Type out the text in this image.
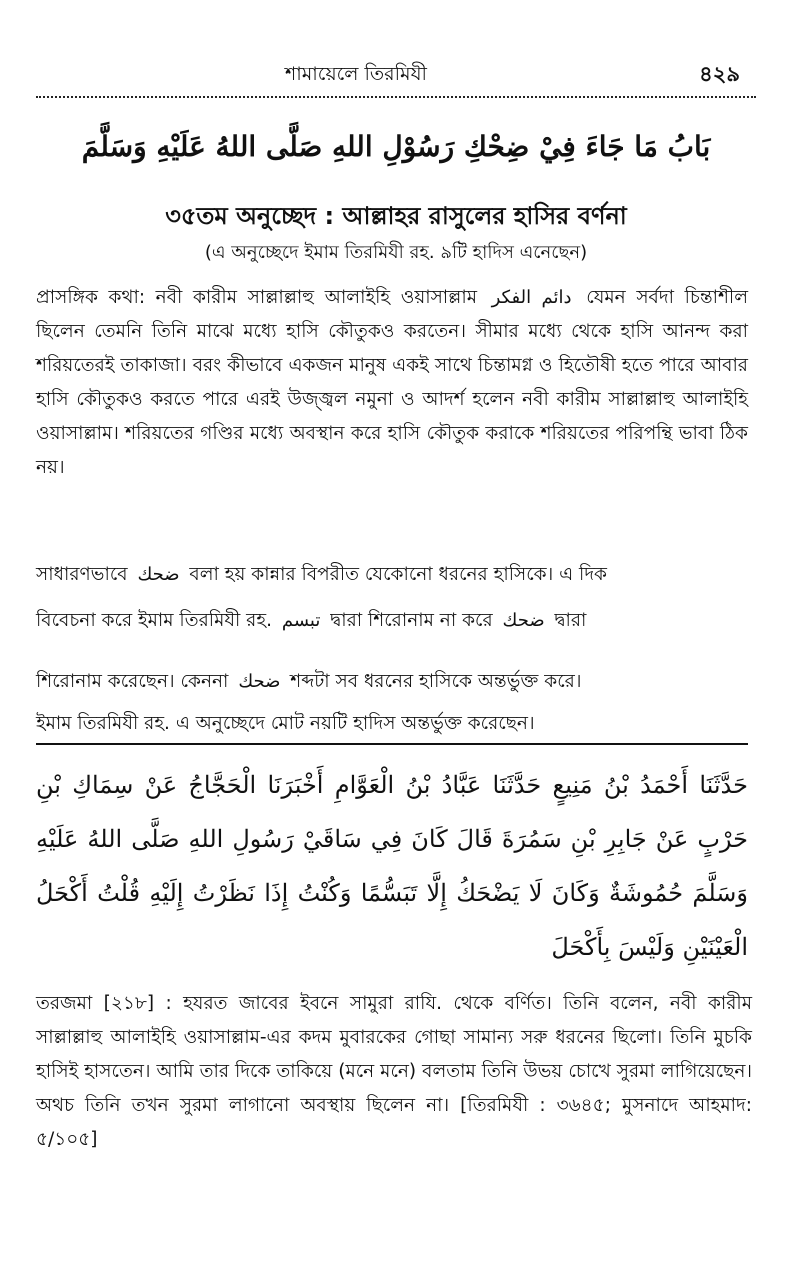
শামায়েলে তিরমিযী	৪২৯
بَابُ مَا جَاءَ فِيْ ضِحْكِ رَسُوْلِ اللهِ صَلَّى اللهُ عَلَيْهِ وَسَلَّمَ
৩৫তম অনুচ্ছেদ : আল্লাহর রাসুলের হাসির বর্ণনা
(এ অনুচ্ছেদে ইমাম তিরমিযী রহ. ৯টি হাদিস এনেছেন)
প্রাসঙ্গিক কথা: নবী কারীম সাল্লাল্লাহু আলাইহি ওয়াসাল্লাম دائم الفكر যেমন সর্বদা চিন্তাশীল ছিলেন তেমনি তিনি মাঝে মধ্যে হাসি কৌতুকও করতেন। সীমার মধ্যে থেকে হাসি আনন্দ করা শরিয়তেরই তাকাজা। বরং কীভাবে একজন মানুষ একই সাথে চিন্তামগ্ন ও হিতৌষী হতে পারে আবার হাসি কৌতুকও করতে পারে এরই উজ্জ্বল নমুনা ও আদর্শ হলেন নবী কারীম সাল্লাল্লাহু আলাইহি ওয়াসাল্লাম। শরিয়তের গণ্ডির মধ্যে অবস্থান করে হাসি কৌতুক করাকে শরিয়তের পরিপন্থি ভাবা ঠিক নয়।
সাধারণভাবে ضحك বলা হয় কান্নার বিপরীত যেকোনো ধরনের হাসিকে। এ দিক
বিবেচনা করে ইমাম তিরমিযী রহ. تبسم দ্বারা শিরোনাম না করে ضحك দ্বারা
শিরোনাম করেছেন। কেননা ضحك শব্দটা সব ধরনের হাসিকে অন্তর্ভুক্ত করে।
ইমাম তিরমিযী রহ. এ অনুচ্ছেদে মোট নয়টি হাদিস অন্তর্ভুক্ত করেছেন।
حَدَّثَنَا أَحْمَدُ بْنُ مَنِيعٍ حَدَّثَنَا عَبَّادُ بْنُ الْعَوَّامِ أَخْبَرَنَا الْحَجَّاجُ عَنْ سِمَاكِ بْنِ حَرْبٍ عَنْ جَابِرِ بْنِ سَمُرَةَ قَالَ كَانَ فِي سَاقَيْ رَسُولِ اللهِ صَلَّى اللهُ عَلَيْهِ وَسَلَّمَ حُمُوشَةٌ وَكَانَ لَا يَضْحَكُ إِلَّا تَبَسُّمًا وَكُنْتُ إِذَا نَظَرْتُ إِلَيْهِ قُلْتُ أَكْحَلُ الْعَيْنَيْنِ وَلَيْسَ بِأَكْحَلَ
তরজমা [২১৮] : হযরত জাবের ইবনে সামুরা রাযি. থেকে বর্ণিত। তিনি বলেন, নবী কারীম সাল্লাল্লাহু আলাইহি ওয়াসাল্লাম-এর কদম মুবারকের গোছা সামান্য সরু ধরনের ছিলো। তিনি মুচকি হাসিই হাসতেন। আমি তার দিকে তাকিয়ে (মনে মনে) বলতাম তিনি উভয় চোখে সুরমা লাগিয়েছেন। অথচ তিনি তখন সুরমা লাগানো অবস্থায় ছিলেন না। [তিরমিযী : ৩৬৪৫; মুসনাদে আহমাদ: ৫/১০৫]
